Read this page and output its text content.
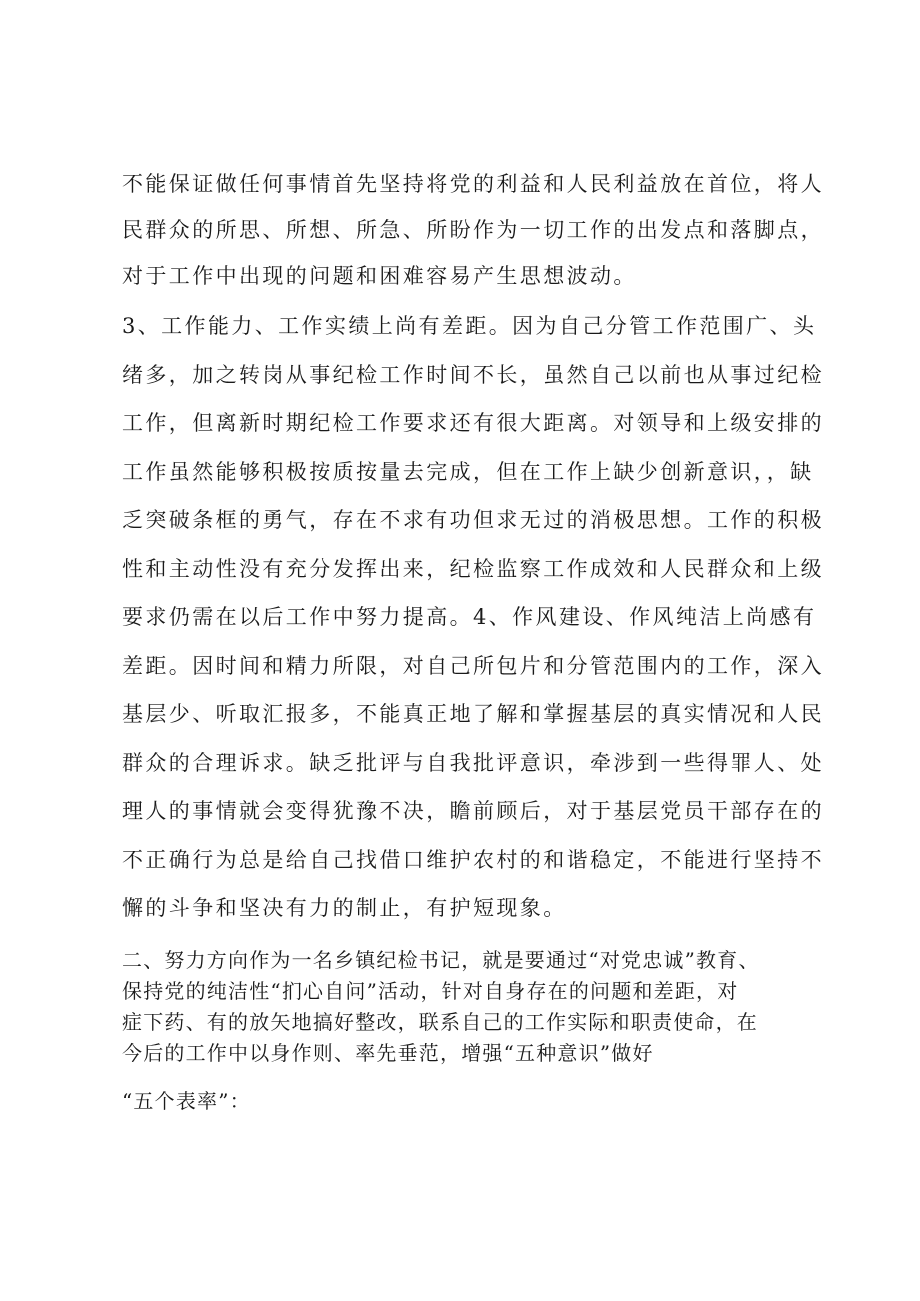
不能保证做任何事情首先坚持将党的利益和人民利益放在首位，将人
民群众的所思、所想、所急、所盼作为一切工作的出发点和落脚点，
对于工作中出现的问题和困难容易产生思想波动。
3、工作能力、工作实绩上尚有差距。因为自己分管工作范围广、头
绪多，加之转岗从事纪检工作时间不长，虽然自己以前也从事过纪检
工作，但离新时期纪检工作要求还有很大距离。对领导和上级安排的
工作虽然能够积极按质按量去完成，但在工作上缺少创新意识，，缺
乏突破条框的勇气，存在不求有功但求无过的消极思想。工作的积极
性和主动性没有充分发挥出来，纪检监察工作成效和人民群众和上级
要求仍需在以后工作中努力提高。4、作风建设、作风纯洁上尚感有
差距。因时间和精力所限，对自己所包片和分管范围内的工作，深入
基层少、听取汇报多，不能真正地了解和掌握基层的真实情况和人民
群众的合理诉求。缺乏批评与自我批评意识，牵涉到一些得罪人、处
理人的事情就会变得犹豫不决，瞻前顾后，对于基层党员干部存在的
不正确行为总是给自己找借口维护农村的和谐稳定，不能进行坚持不
懈的斗争和坚决有力的制止，有护短现象。
二、努力方向作为一名乡镇纪检书记，就是要通过“对党忠诚”教育、
保持党的纯洁性“扪心自问”活动，针对自身存在的问题和差距，对
症下药、有的放矢地搞好整改，联系自己的工作实际和职责使命，在
今后的工作中以身作则、率先垂范，增强“五种意识”做好
“五个表率”：
